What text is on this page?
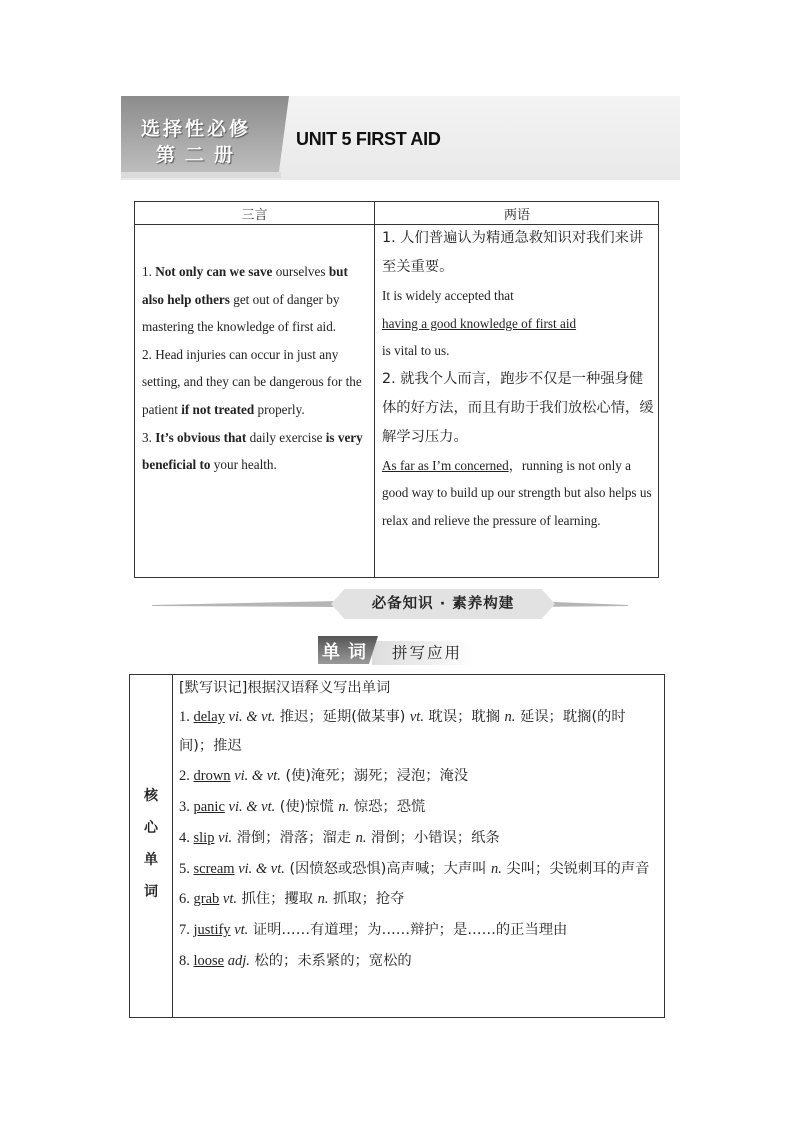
选择性必修
第二册
UNIT 5 FIRST AID
三言	两语
1. Not only can we save ourselves but also help others get out of danger by mastering the knowledge of first aid.
2. Head injuries can occur in just any setting, and they can be dangerous for the patient if not treated properly.
3. It’s obvious that daily exercise is very beneficial to your health.
1. 人们普遍认为精通急救知识对我们来讲至关重要。
It is widely accepted that
having a good knowledge of first aid
is vital to us.
2. 就我个人而言，跑步不仅是一种强身健体的好方法，而且有助于我们放松心情，缓解学习压力。
As far as I’m concerned，running is not only a good way to build up our strength but also helps us relax and relieve the pressure of learning.
必备知识 · 素养构建
单词 拼写应用
核
心
单
词
[默写识记]根据汉语释义写出单词
1. delay vi. & vt. 推迟；延期(做某事) vt. 耽误；耽搁 n. 延误；耽搁(的时间)；推迟
2. drown vi. & vt. (使)淹死；溺死；浸泡；淹没
3. panic vi. & vt. (使)惊慌 n. 惊恐；恐慌
4. slip vi. 滑倒；滑落；溜走 n. 滑倒；小错误；纸条
5. scream vi. & vt. (因愤怒或恐惧)高声喊；大声叫 n. 尖叫；尖锐刺耳的声音
6. grab vt. 抓住；攫取 n. 抓取；抢夺
7. justify vt. 证明……有道理；为……辩护；是……的正当理由
8. loose adj. 松的；未系紧的；宽松的
